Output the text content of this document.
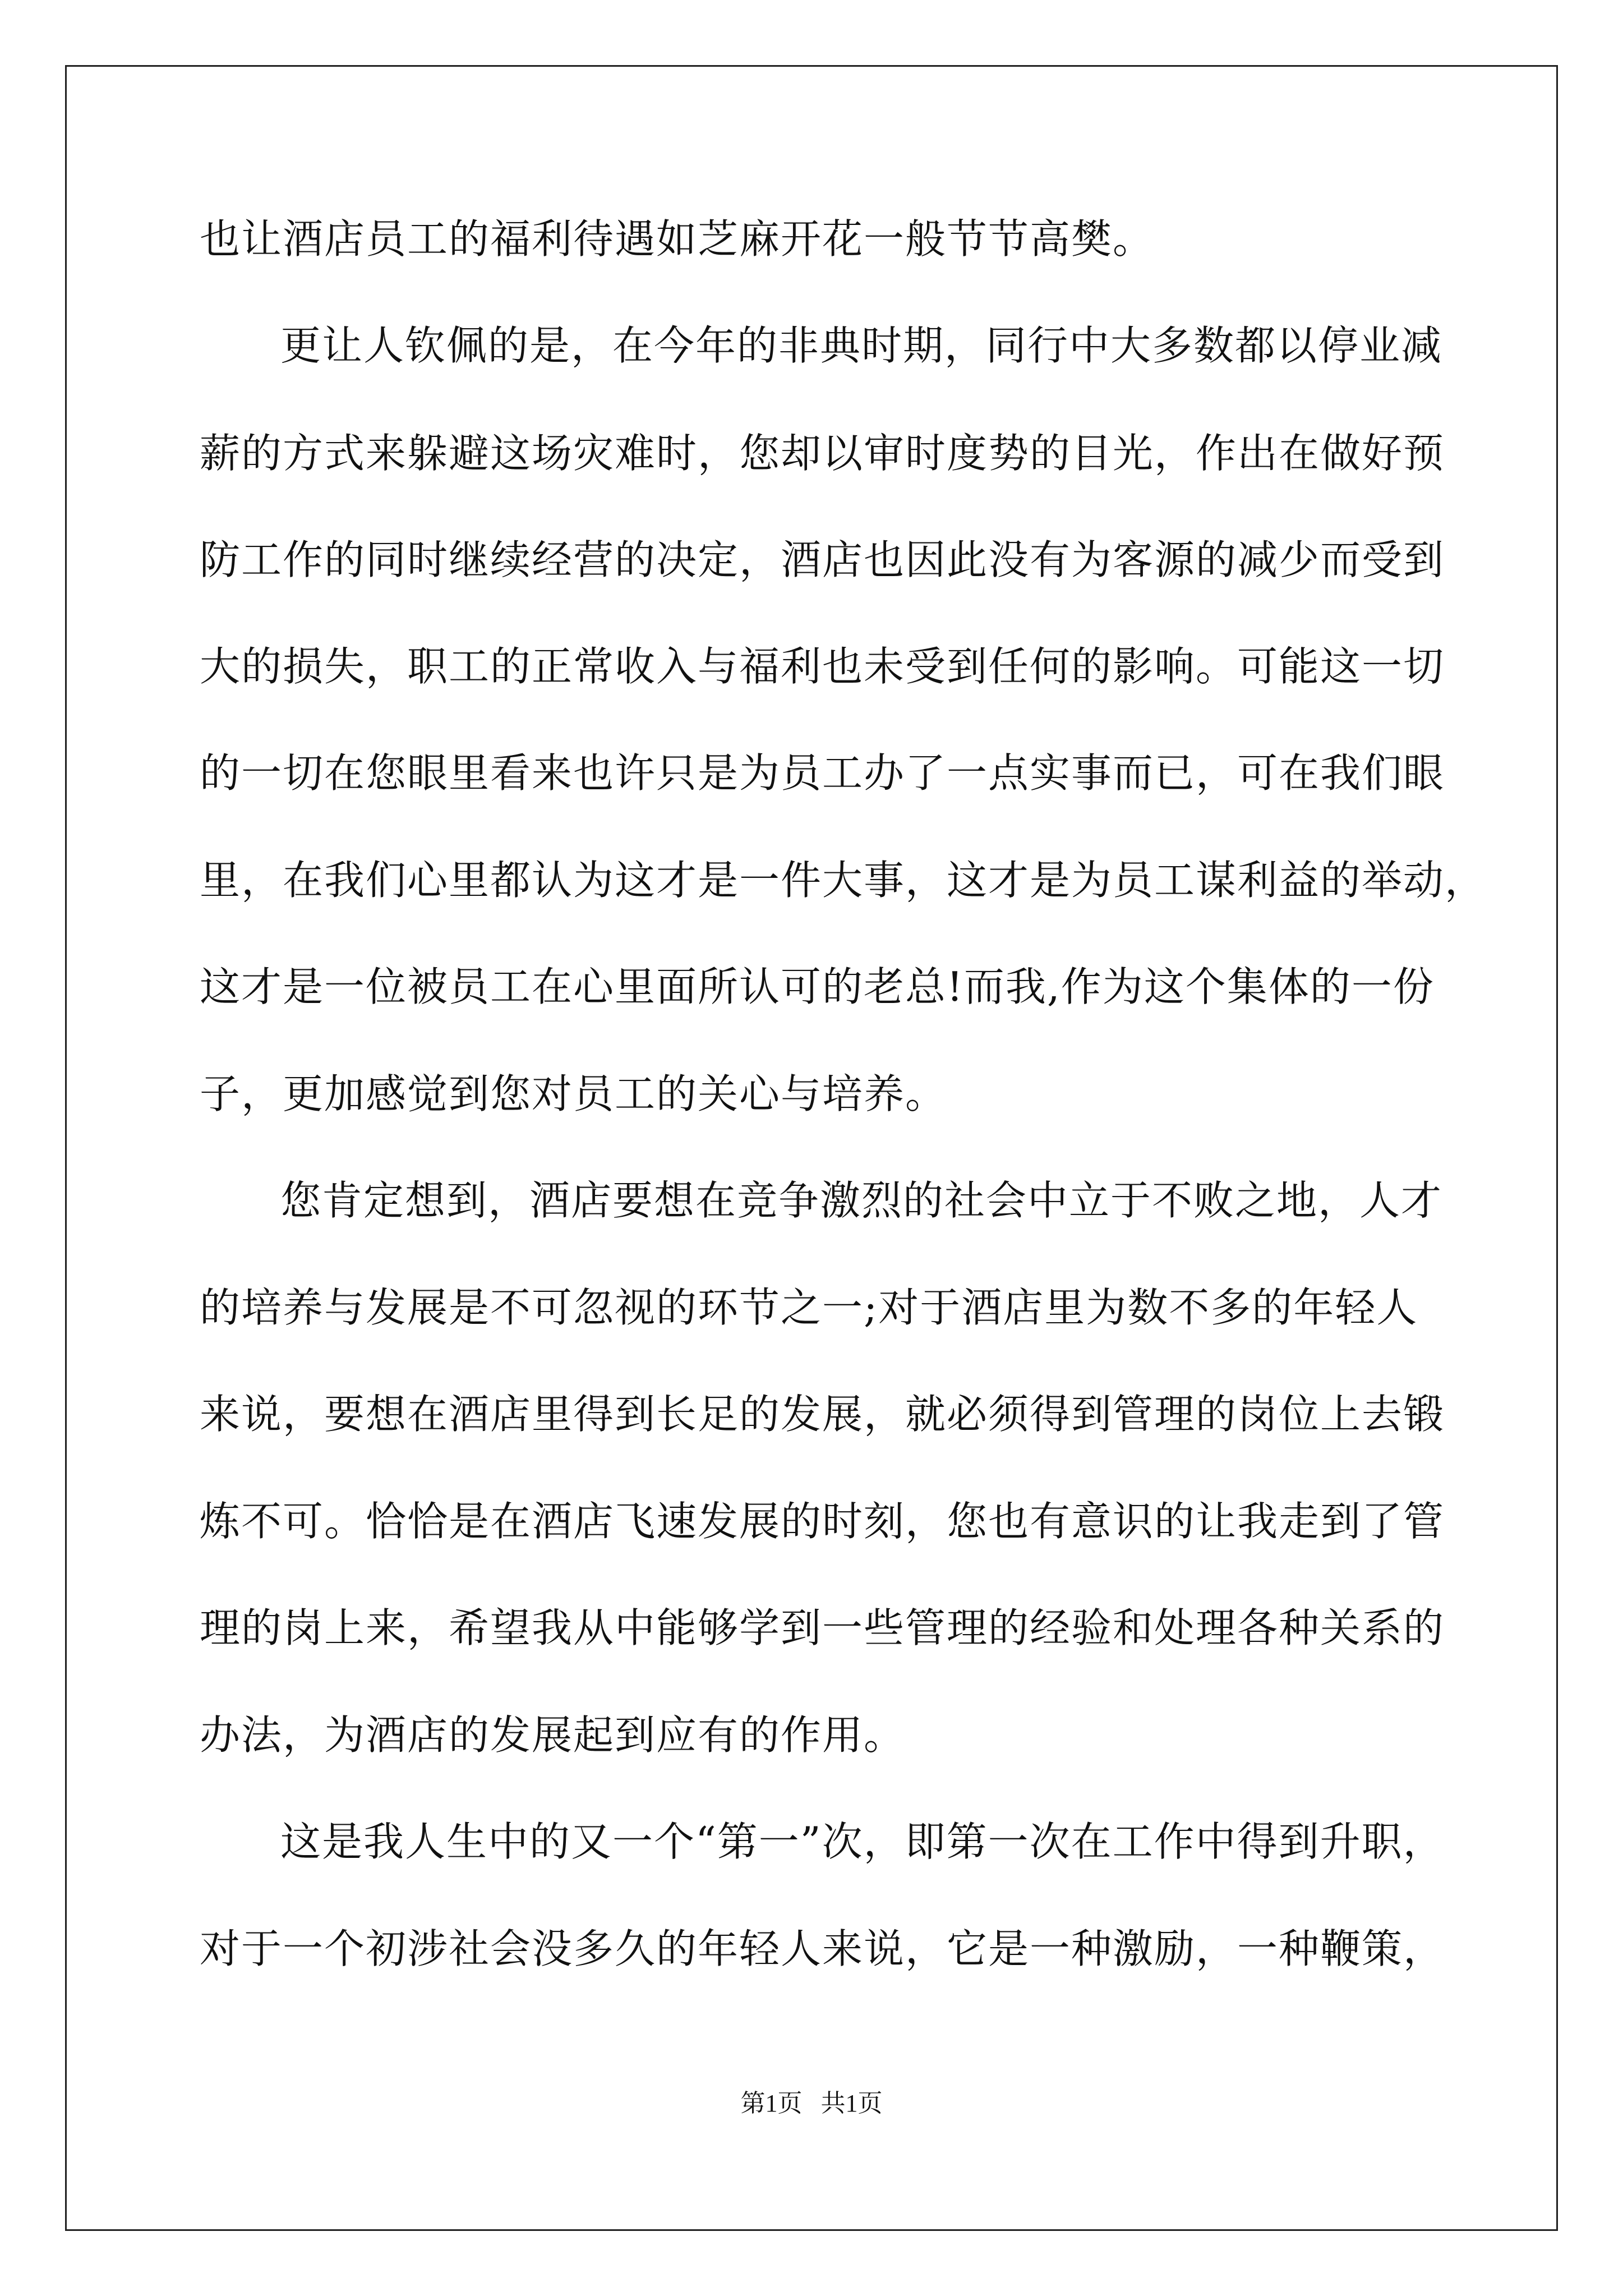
也让酒店员工的福利待遇如芝麻开花一般节节高樊。
更让人钦佩的是，在今年的非典时期，同行中大多数都以停业减
薪的方式来躲避这场灾难时，您却以审时度势的目光，作出在做好预
防工作的同时继续经营的决定，酒店也因此没有为客源的减少而受到
大的损失，职工的正常收入与福利也未受到任何的影响。可能这一切
的一切在您眼里看来也许只是为员工办了一点实事而已，可在我们眼
里，在我们心里都认为这才是一件大事，这才是为员工谋利益的举动，
这才是一位被员工在心里面所认可的老总!而我,作为这个集体的一份
子，更加感觉到您对员工的关心与培养。
您肯定想到，酒店要想在竞争激烈的社会中立于不败之地，人才
的培养与发展是不可忽视的环节之一;对于酒店里为数不多的年轻人
来说，要想在酒店里得到长足的发展，就必须得到管理的岗位上去锻
炼不可。恰恰是在酒店飞速发展的时刻，您也有意识的让我走到了管
理的岗上来，希望我从中能够学到一些管理的经验和处理各种关系的
办法，为酒店的发展起到应有的作用。
这是我人生中的又一个“第一”次，即第一次在工作中得到升职，
对于一个初涉社会没多久的年轻人来说，它是一种激励，一种鞭策，
第1页   共1页
